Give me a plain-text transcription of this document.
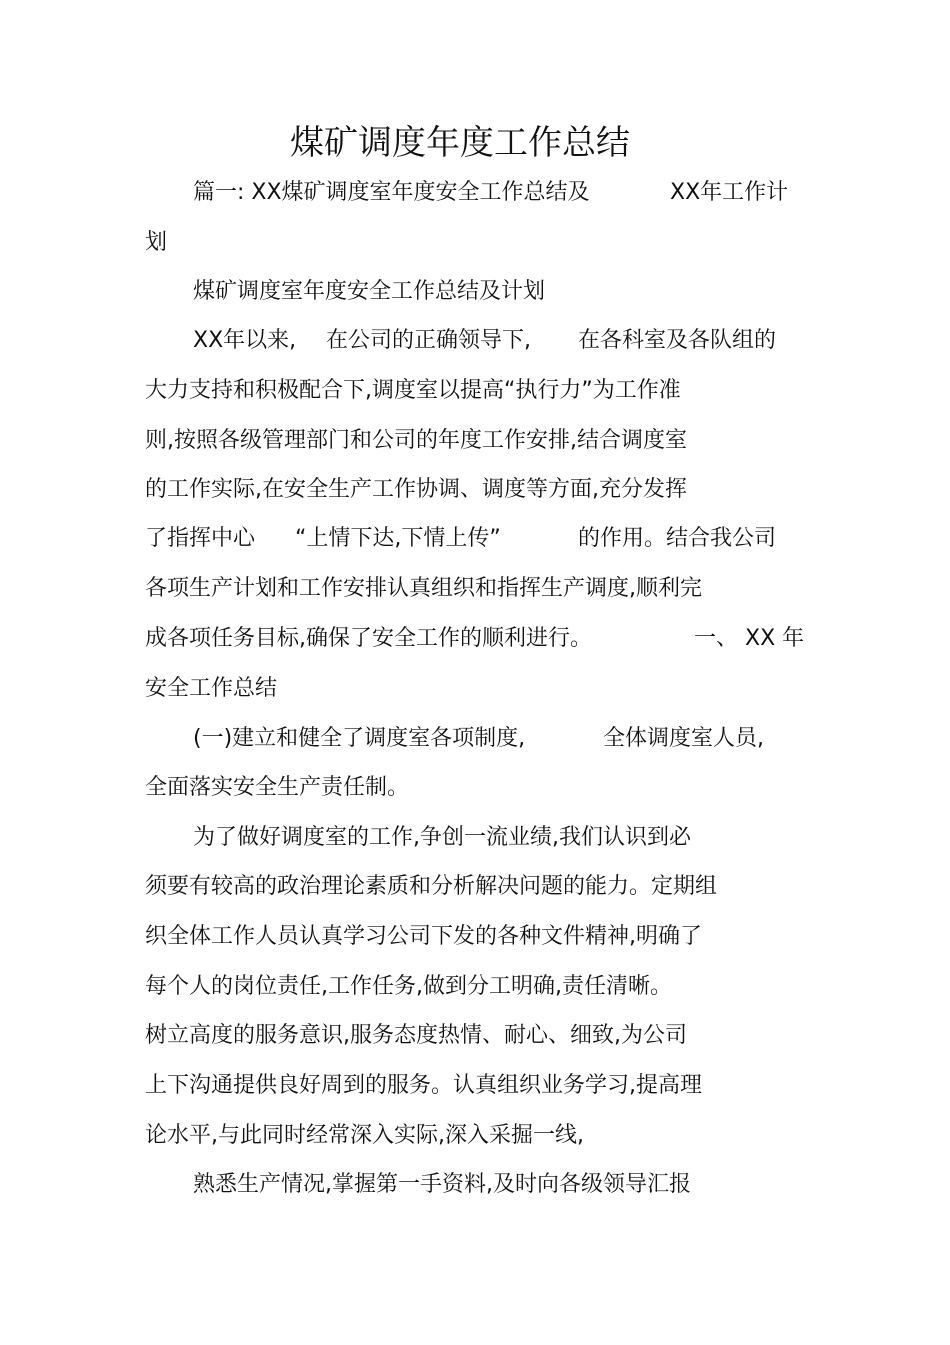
煤矿调度年度工作总结
篇一: XX煤矿调度室年度安全工作总结及	XX年工作计
划
煤矿调度室年度安全工作总结及计划
XX年以来, 在公司的正确领导下, 在各科室及各队组的
大力支持和积极配合下,调度室以提高“执行力”为工作准
则,按照各级管理部门和公司的年度工作安排,结合调度室
的工作实际,在安全生产工作协调、调度等方面,充分发挥
了指挥中心 “上情下达,下情上传”	的作用。结合我公司
各项生产计划和工作安排认真组织和指挥生产调度,顺利完
成各项任务目标,确保了安全工作的顺利进行。	一、 XX 年
安全工作总结
(一)建立和健全了调度室各项制度,	全体调度室人员,
全面落实安全生产责任制。
为了做好调度室的工作,争创一流业绩,我们认识到必
须要有较高的政治理论素质和分析解决问题的能力。定期组
织全体工作人员认真学习公司下发的各种文件精神,明确了
每个人的岗位责任,工作任务,做到分工明确,责任清晰。
树立高度的服务意识,服务态度热情、耐心、细致,为公司
上下沟通提供良好周到的服务。认真组织业务学习,提高理
论水平,与此同时经常深入实际,深入采掘一线,
熟悉生产情况,掌握第一手资料,及时向各级领导汇报
